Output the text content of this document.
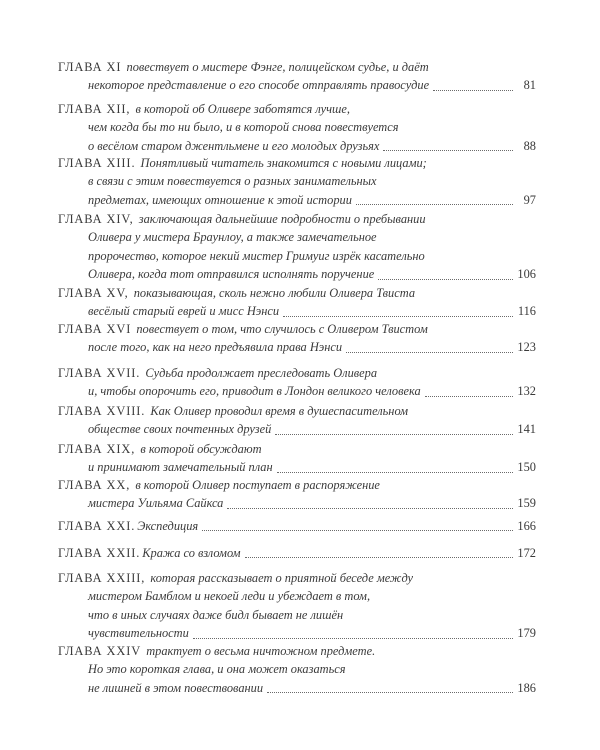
ГЛАВА XI повествует о мистере Фэнге, полицейском судье, и даёт
некоторое представление о его способе отправлять правосудие	81
ГЛАВА XII, в которой об Оливере заботятся лучше,
чем когда бы то ни было, и в которой снова повествуется
о весёлом старом джентльмене и его молодых друзьях	88
ГЛАВА XIII. Понятливый читатель знакомится с новыми лицами;
в связи с этим повествуется о разных занимательных
предметах, имеющих отношение к этой истории	97
ГЛАВА XIV, заключающая дальнейшие подробности о пребывании
Оливера у мистера Браунлоу, а также замечательное
пророчество, которое некий мистер Гримуиг изрёк касательно
Оливера, когда тот отправился исполнять поручение	106
ГЛАВА XV, показывающая, сколь нежно любили Оливера Твиста
весёлый старый еврей и мисс Нэнси	116
ГЛАВА XVI повествует о том, что случилось с Оливером Твистом
после того, как на него предъявила права Нэнси	123
ГЛАВА XVII. Судьба продолжает преследовать Оливера
и, чтобы опорочить его, приводит в Лондон великого человека	132
ГЛАВА XVIII. Как Оливер проводил время в душеспасительном
обществе своих почтенных друзей	141
ГЛАВА XIX, в которой обсуждают
и принимают замечательный план	150
ГЛАВА XX, в которой Оливер поступает в распоряжение
мистера Уильяма Сайкса	159
ГЛАВА XXI. Экспедиция	166
ГЛАВА XXII. Кража со взломом	172
ГЛАВА XXIII, которая рассказывает о приятной беседе между
мистером Бамблом и некоей леди и убеждает в том,
что в иных случаях даже бидл бывает не лишён
чувствительности	179
ГЛАВА XXIV трактует о весьма ничтожном предмете.
Но это короткая глава, и она может оказаться
не лишней в этом повествовании	186
